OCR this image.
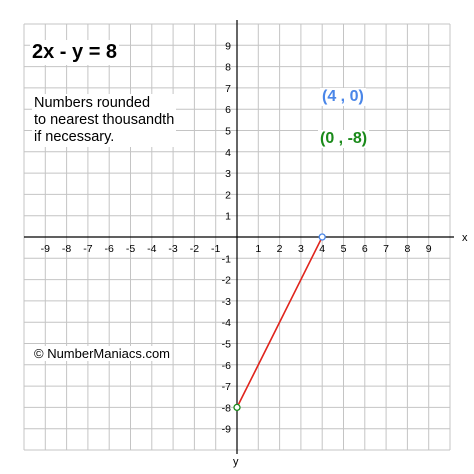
-9 -8 -7 -6 -5 -4 -3 -2 -1	1 2 3 4 5 6 7 8 9
9
8
7
6
5
4
3
2
1
-1
-2
-3
-4
-5
-6
-7
-8
-9
x
y
2x - y = 8
Numbers rounded
to nearest thousandth
if necessary.
(4 , 0)
(0 , -8)
© NumberManiacs.com
